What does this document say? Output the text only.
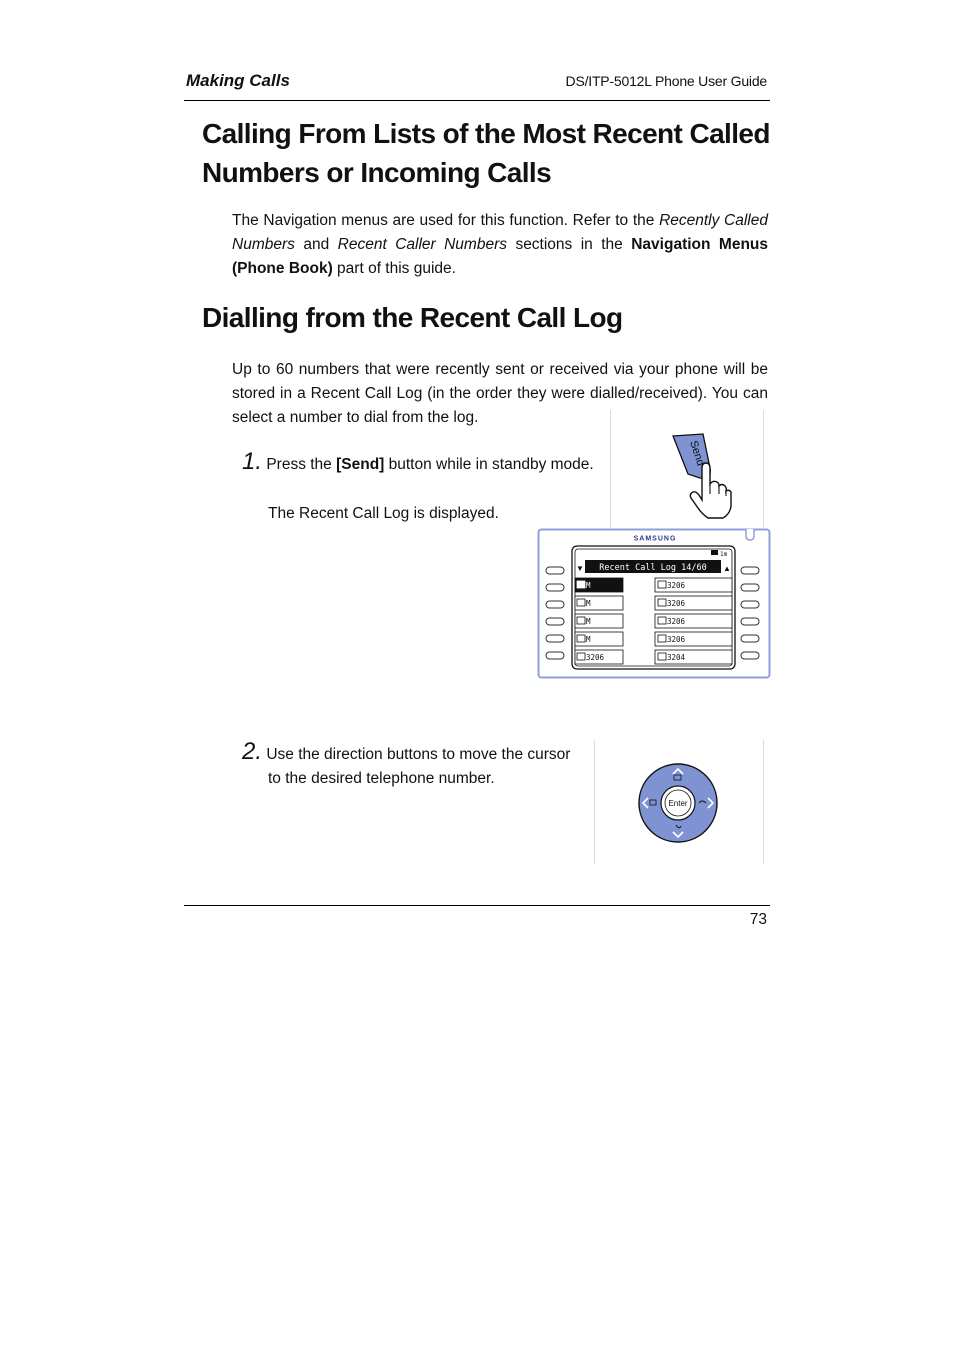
Making Calls	DS/ITP-5012L Phone User Guide
Calling From Lists of the Most Recent Called Numbers or Incoming Calls
The Navigation menus are used for this function. Refer to the Recently Called Numbers and Recent Caller Numbers sections in the Navigation Menus (Phone Book) part of this guide.
Dialling from the Recent Call Log
Up to 60 numbers that were recently sent or received via your phone will be stored in a Recent Call Log (in the order they were dialled/received). You can select a number to dial from the log.
1. Press the [Send] button while in standby mode.
The Recent Call Log is displayed.
Send
SAMSUNG
1m
▼ Recent Call Log 14/60 ▲
M	3206
M	3206
M	3206
M	3206
3206	3204
2. Use the direction buttons to move the cursor
to the desired telephone number.
Enter
73
